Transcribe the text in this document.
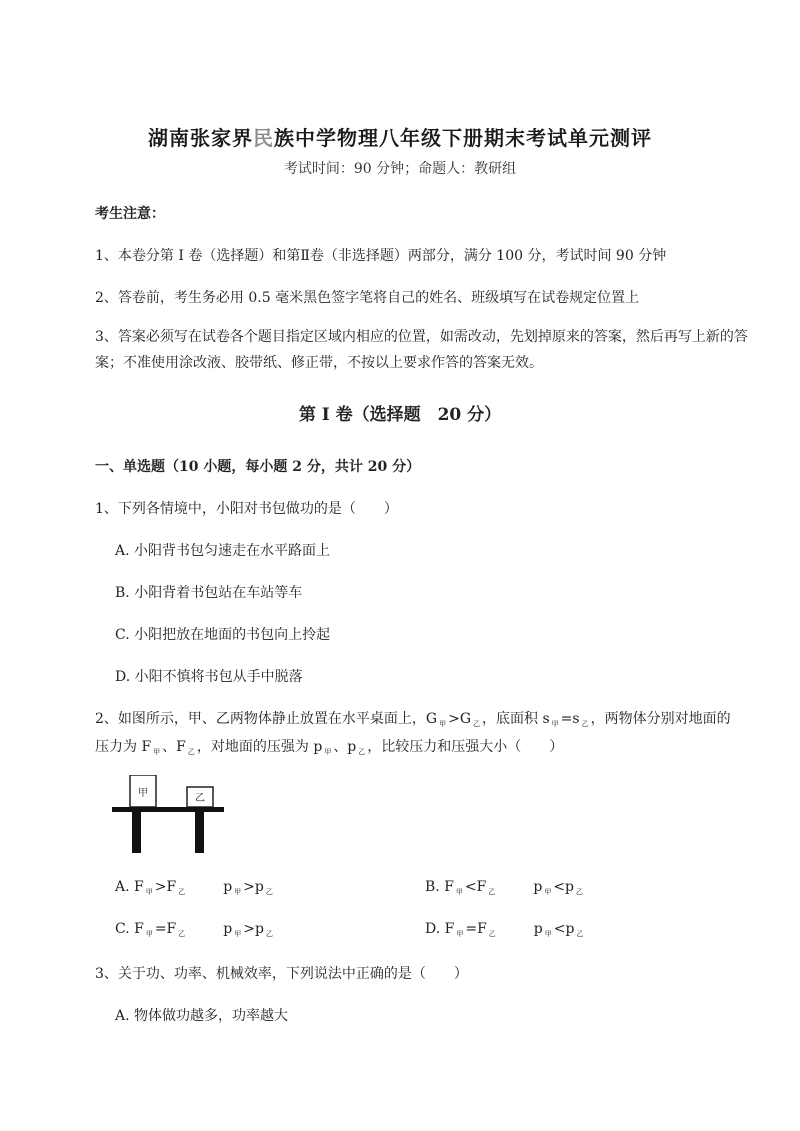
湖南张家界民族中学物理八年级下册期末考试单元测评
考试时间：90 分钟；命题人：教研组
考生注意：
1、本卷分第 I 卷（选择题）和第Ⅱ卷（非选择题）两部分，满分 100 分，考试时间 90 分钟
2、答卷前，考生务必用 0.5 毫米黑色签字笔将自己的姓名、班级填写在试卷规定位置上
3、答案必须写在试卷各个题目指定区域内相应的位置，如需改动，先划掉原来的答案，然后再写上新的答案；不准使用涂改液、胶带纸、修正带，不按以上要求作答的答案无效。
第 I 卷（选择题　20 分）
一、单选题（10 小题，每小题 2 分，共计 20 分）
1、下列各情境中，小阳对书包做功的是（　　）
A. 小阳背书包匀速走在水平路面上
B. 小阳背着书包站在车站等车
C. 小阳把放在地面的书包向上拎起
D. 小阳不慎将书包从手中脱落
2、如图所示，甲、乙两物体静止放置在水平桌面上，G $_甲$ >G $_乙$ ，底面积 s $_甲$ =s $_乙$ ，两物体分别对地面的
压力为 F $_甲$ 、F $_乙$ ，对地面的压强为 p $_甲$ 、p $_乙$ ，比较压力和压强大小（　　）
甲	乙
A. F $_甲$ >F $_乙$	p $_甲$ >p $_乙$	B. F $_甲$ <F $_乙$	p $_甲$ <p $_乙$
C. F $_甲$ =F $_乙$	p $_甲$ >p $_乙$	D. F $_甲$ =F $_乙$	p $_甲$ <p $_乙$
3、关于功、功率、机械效率，下列说法中正确的是（　　）
A. 物体做功越多，功率越大
